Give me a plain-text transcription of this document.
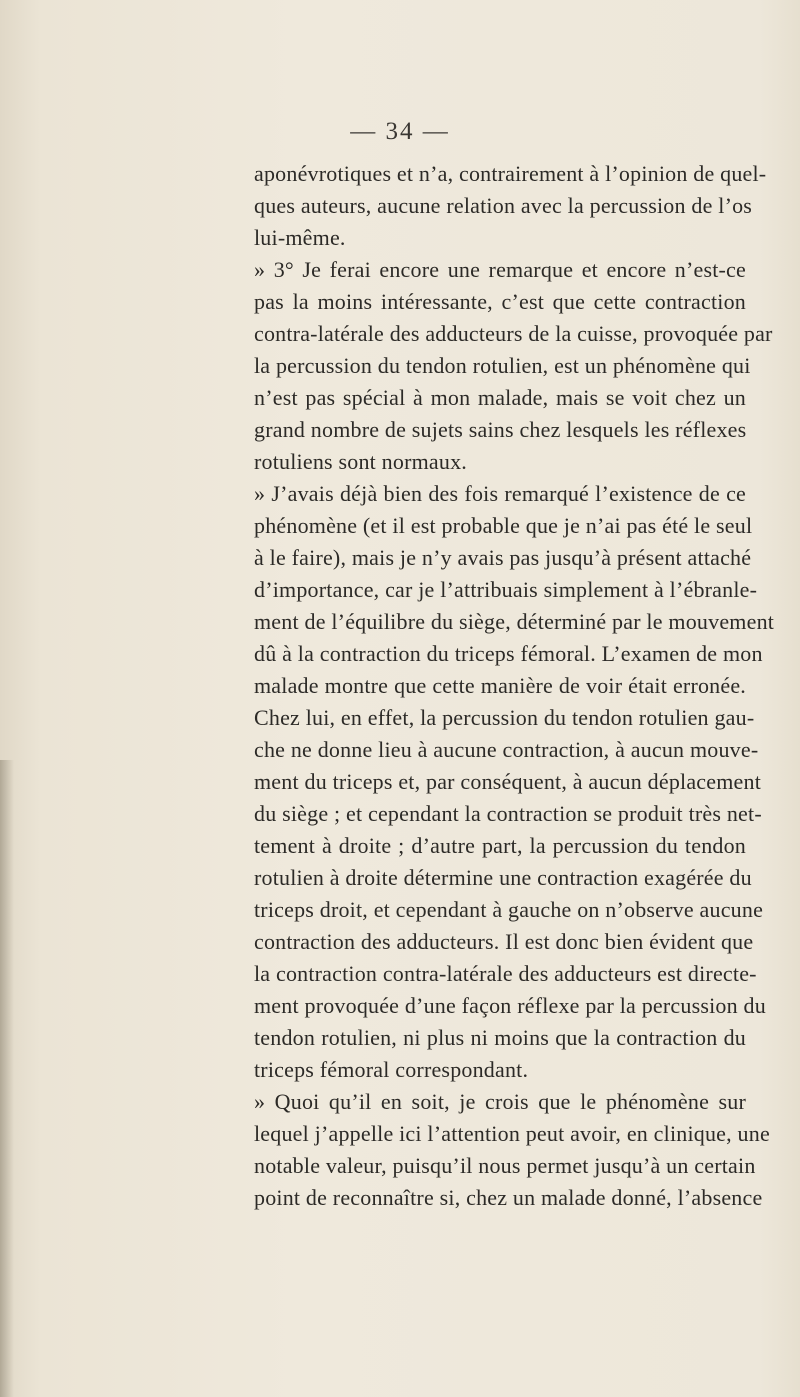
— 34 —
aponévrotiques et n’a, contrairement à l’opinion de quel-
ques auteurs, aucune relation avec la percussion de l’os
lui-même.
» 3° Je ferai encore une remarque et encore n’est-ce
pas la moins intéressante, c’est que cette contraction
contra-latérale des adducteurs de la cuisse, provoquée par
la percussion du tendon rotulien, est un phénomène qui
n’est pas spécial à mon malade, mais se voit chez un
grand nombre de sujets sains chez lesquels les réflexes
rotuliens sont normaux.
» J’avais déjà bien des fois remarqué l’existence de ce
phénomène (et il est probable que je n’ai pas été le seul
à le faire), mais je n’y avais pas jusqu’à présent attaché
d’importance, car je l’attribuais simplement à l’ébranle-
ment de l’équilibre du siège, déterminé par le mouvement
dû à la contraction du triceps fémoral. L’examen de mon
malade montre que cette manière de voir était erronée.
Chez lui, en effet, la percussion du tendon rotulien gau-
che ne donne lieu à aucune contraction, à aucun mouve-
ment du triceps et, par conséquent, à aucun déplacement
du siège ; et cependant la contraction se produit très net-
tement à droite ; d’autre part, la percussion du tendon
rotulien à droite détermine une contraction exagérée du
triceps droit, et cependant à gauche on n’observe aucune
contraction des adducteurs. Il est donc bien évident que
la contraction contra-latérale des adducteurs est directe-
ment provoquée d’une façon réflexe par la percussion du
tendon rotulien, ni plus ni moins que la contraction du
triceps fémoral correspondant.
» Quoi qu’il en soit, je crois que le phénomène sur
lequel j’appelle ici l’attention peut avoir, en clinique, une
notable valeur, puisqu’il nous permet jusqu’à un certain
point de reconnaître si, chez un malade donné, l’absence
